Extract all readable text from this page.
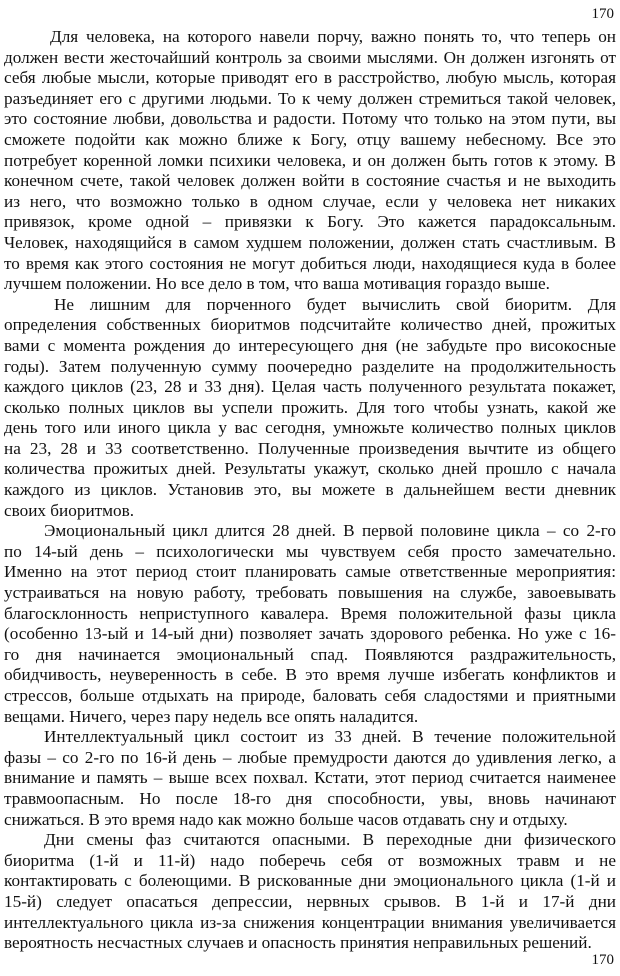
170
Для человека, на которого навели порчу, важно понять то, что теперь он
должен вести жесточайший контроль за своими мыслями. Он должен изгонять от
себя любые мысли, которые приводят его в расстройство, любую мысль, которая
разъединяет его с другими людьми. То к чему должен стремиться такой человек,
это состояние любви, довольства и радости. Потому что только на этом пути, вы
сможете подойти как можно ближе к Богу, отцу вашему небесному. Все это
потребует коренной ломки психики человека, и он должен быть готов к этому. В
конечном счете, такой человек должен войти в состояние счастья и не выходить
из него, что возможно только в одном случае, если у человека нет никаких
привязок, кроме одной – привязки к Богу. Это кажется парадоксальным.
Человек, находящийся в самом худшем положении, должен стать счастливым. В
то время как этого состояния не могут добиться люди, находящиеся куда в более
лучшем положении. Но все дело в том, что ваша мотивация гораздо выше.
Не лишним для порченного будет вычислить свой биоритм. Для
определения собственных биоритмов подсчитайте количество дней, прожитых
вами с момента рождения до интересующего дня (не забудьте про високосные
годы). Затем полученную сумму поочередно разделите на продолжительность
каждого циклов (23, 28 и 33 дня). Целая часть полученного результата покажет,
сколько полных циклов вы успели прожить. Для того чтобы узнать, какой же
день того или иного цикла у вас сегодня, умножьте количество полных циклов
на 23, 28 и 33 соответственно. Полученные произведения вычтите из общего
количества прожитых дней. Результаты укажут, сколько дней прошло с начала
каждого из циклов. Установив это, вы можете в дальнейшем вести дневник
своих биоритмов.
Эмоциональный цикл длится 28 дней. В первой половине цикла – со 2-го
по 14-ый день – психологически мы чувствуем себя просто замечательно.
Именно на этот период стоит планировать самые ответственные мероприятия:
устраиваться на новую работу, требовать повышения на службе, завоевывать
благосклонность неприступного кавалера. Время положительной фазы цикла
(особенно 13-ый и 14-ый дни) позволяет зачать здорового ребенка. Но уже с 16-
го дня начинается эмоциональный спад. Появляются раздражительность,
обидчивость, неуверенность в себе. В это время лучше избегать конфликтов и
стрессов, больше отдыхать на природе, баловать себя сладостями и приятными
вещами. Ничего, через пару недель все опять наладится.
Интеллектуальный цикл состоит из 33 дней. В течение положительной
фазы – со 2-го по 16-й день – любые премудрости даются до удивления легко, а
внимание и память – выше всех похвал. Кстати, этот период считается наименее
травмоопасным. Но после 18-го дня способности, увы, вновь начинают
снижаться. В это время надо как можно больше часов отдавать сну и отдыху.
Дни смены фаз считаются опасными. В переходные дни физического
биоритма (1-й и 11-й) надо поберечь себя от возможных травм и не
контактировать с болеющими. В рискованные дни эмоционального цикла (1-й и
15-й) следует опасаться депрессии, нервных срывов. В 1-й и 17-й дни
интеллектуального цикла из-за снижения концентрации внимания увеличивается
вероятность несчастных случаев и опасность принятия неправильных решений.
170
